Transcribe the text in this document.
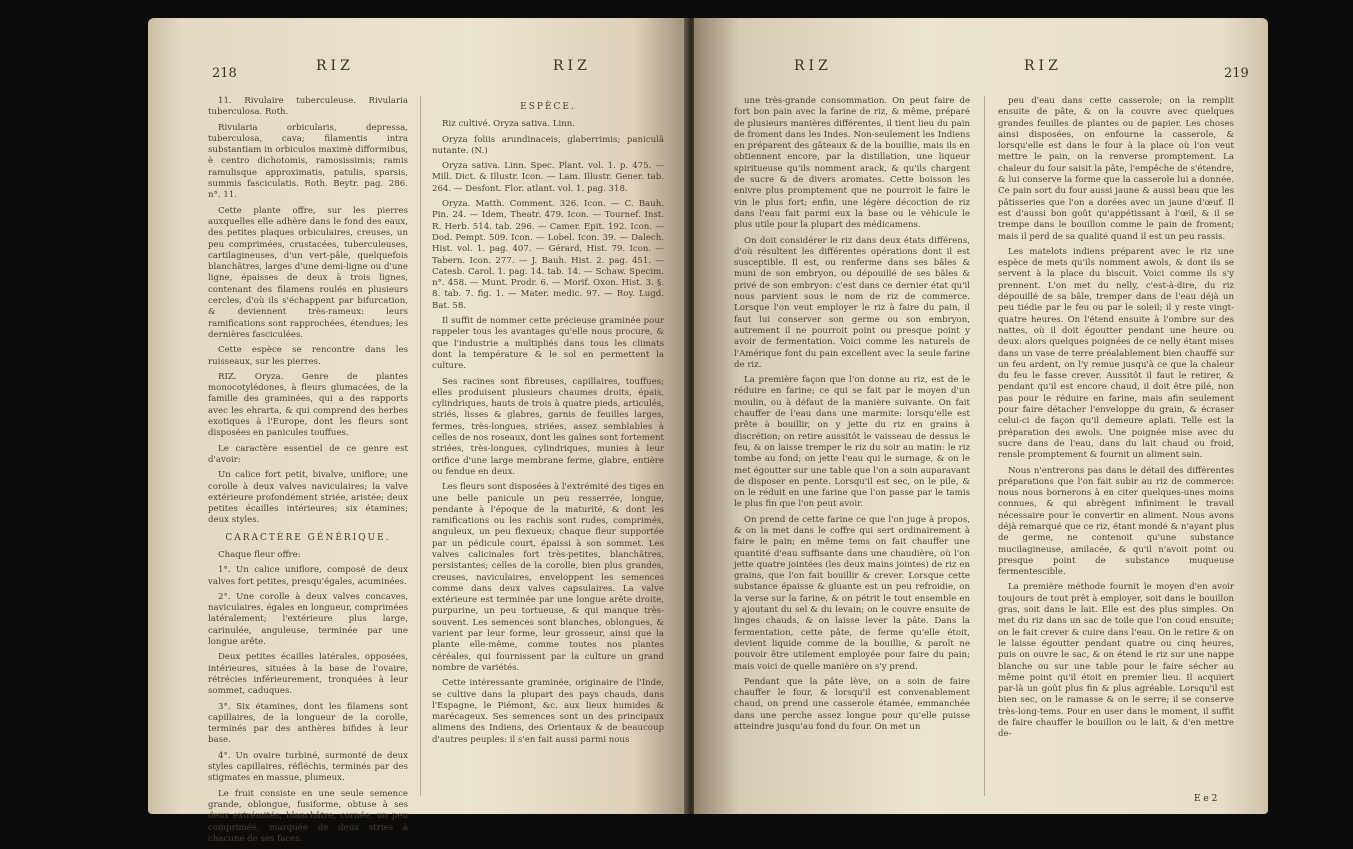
218	RIZ	RIZ

11. Rivulaire tuberculeuse. Rivularia tuberculosa. Roth.

Rivularia orbicularis, depressa, tuberculosa, cava; filamentis intra substantiam in orbiculos maximè difformibus, è centro dichotomis, ramosissimis; ramis ramulisque approximatis, patulis, sparsis, summis fasciculatis. Roth. Beytr. pag. 286. n°. 11.

Cette plante offre, sur les pierres auxquelles elle adhère dans le fond des eaux, des petites plaques orbiculaires, creuses, un peu comprimées, crustacées, tuberculeuses, cartilagineuses, d'un vert-pâle, quelquefois blanchâtres, larges d'une demi-ligne ou d'une ligne, épaisses de deux à trois lignes, contenant des filamens roulés en plusieurs cercles, d'où ils s'échappent par bifurcation, & deviennent très-rameux: leurs ramifications sont rapprochées, étendues; les dernières fasciculées.

Cette espèce se rencontre dans les ruisseaux, sur les pierres.

RIZ. Oryza. Genre de plantes monocotylédones, à fleurs glumacées, de la famille des graminées, qui a des rapports avec les ehrarta, & qui comprend des herbes exotiques à l'Europe, dont les fleurs sont disposées en panicules touffues.

Le caractère essentiel de ce genre est d'avoir:

Un calice fort petit, bivalve, uniflore; une corolle à deux valves naviculaires; la valve extérieure profondément striée, aristée; deux petites écailles intérieures; six étamines; deux styles.

CARACTÈRE GÉNÉRIQUE.

Chaque fleur offre:

1°. Un calice uniflore, composé de deux valves fort petites, presqu'égales, acuminées.

2°. Une corolle à deux valves concaves, naviculaires, égales en longueur, comprimées latéralement; l'extérieure plus large, carinulée, anguleuse, terminée par une longue arête.

Deux petites écailles latérales, opposées, intérieures, situées à la base de l'ovaire, rétrécies inférieurement, tronquées à leur sommet, caduques.

3°. Six étamines, dont les filamens sont capillaires, de la longueur de la corolle, terminés par des anthères bifides à leur base.

4°. Un ovaire turbiné, surmonté de deux styles capillaires, réfléchis, terminés par des stigmates en massue, plumeux.

Le fruit consiste en une seule semence grande, oblongue, fusiforme, obtuse à ses deux extrémités, blanchâtre, cornée, un peu comprimée, marquée de deux stries à chacune de ses faces.

ESPÈCE.

Riz cultivé. Oryza sativa. Linn.

Oryza foliis arundinaceis, glaberrimis; paniculâ nutante. (N.)

Oryza sativa. Linn. Spec. Plant. vol. 1. p. 475. — Mill. Dict. & Illustr. Icon. — Lam. Illustr. Gener. tab. 264. — Desfont. Flor. atlant. vol. 1. pag. 318.

Oryza. Matth. Comment. 326. Icon. — C. Bauh. Pin. 24. — Idem, Theatr. 479. Icon. — Tournef. Inst. R. Herb. 514. tab. 296. — Camer. Epit. 192. Icon. — Dod. Pempt. 509. Icon. — Lobel. Icon. 39. — Dalech. Hist. vol. 1. pag. 407. — Gérard, Hist. 79. Icon. — Tabern. Icon. 277. — J. Bauh. Hist. 2. pag. 451. — Catesb. Carol. 1. pag. 14. tab. 14. — Schaw. Specim. n°. 458. — Munt. Prodr. 6. — Morif. Oxon. Hist. 3. §. 8. tab. 7. fig. 1. — Mater. medic. 97. — Roy. Lugd. Bat. 58.

Il suffit de nommer cette précieuse graminée pour rappeler tous les avantages qu'elle nous procure, & que l'industrie a multipliés dans tous les climats dont la température & le sol en permettent la culture.

Ses racines sont fibreuses, capillaires, touffues; elles produisent plusieurs chaumes droits, épais, cylindriques, hauts de trois à quatre pieds, articulés, striés, lisses & glabres, garnis de feuilles larges, fermes, très-longues, striées, assez semblables à celles de nos roseaux, dont les gaînes sont fortement striées, très-longues, cylindriques, munies à leur orifice d'une large membrane ferme, glabre, entière ou fendue en deux.

Les fleurs sont disposées à l'extrémité des tiges en une belle panicule un peu resserrée, longue, pendante à l'époque de la maturité, & dont les ramifications ou les rachis sont rudes, comprimés, anguleux, un peu flexueux; chaque fleur supportée par un pédicule court, épaissi à son sommet. Les valves calicinales fort très-petites, blanchâtres, persistantes; celles de la corolle, bien plus grandes, creuses, naviculaires, enveloppent les semences comme dans deux valves capsulaires. La valve extérieure est terminée par une longue arête droite, purpurine, un peu tortueuse, & qui manque très-souvent. Les semences sont blanches, oblongues, & varient par leur forme, leur grosseur, ainsi que la plante elle-même, comme toutes nos plantes céréales, qui fournissent par la culture un grand nombre de variétés.

Cette intéressante graminée, originaire de l'Inde, se cultive dans la plupart des pays chauds, dans l'Espagne, le Piémont, &c. aux lieux humides & marécageux. Ses semences sont un des principaux alimens des Indiens, des Orientaux & de beaucoup d'autres peuples: il s'en fait aussi parmi nous

RIZ	RIZ	219

une très-grande consommation. On peut faire de fort bon pain avec la farine de riz, & même, préparé de plusieurs manières différentes, il tient lieu du pain de froment dans les Indes. Non-seulement les Indiens en préparent des gâteaux & de la bouillie, mais ils en obtiennent encore, par la distillation, une liqueur spiritueuse qu'ils nomment arack, & qu'ils chargent de sucre & de divers aromates. Cette boisson les enivre plus promptement que ne pourroit le faire le vin le plus fort; enfin, une légère décoction de riz dans l'eau fait parmi eux la base ou le véhicule le plus utile pour la plupart des médicamens.

On doit considérer le riz dans deux états différens, d'où résultent les différentes opérations dont il est susceptible. Il est, ou renferme dans ses bâles & muni de son embryon, ou dépouillé de ses bâles & privé de son embryon: c'est dans ce dernier état qu'il nous parvient sous le nom de riz de commerce. Lorsque l'on veut employer le riz à faire du pain, il faut lui conserver son germe ou son embryon, autrement il ne pourroit point ou presque point y avoir de fermentation. Voici comme les naturels de l'Amérique font du pain excellent avec la seule farine de riz.

La première façon que l'on donne au riz, est de le réduire en farine; ce qui se fait par le moyen d'un moulin, ou à défaut de la manière suivante. On fait chauffer de l'eau dans une marmite: lorsqu'elle est prête à bouillir, on y jette du riz en grains à discrétion; on retire aussitôt le vaisseau de dessus le feu, & on laisse tremper le riz du soir au matin: le riz tombe au fond; on jette l'eau qui le surnage, & on le met égoutter sur une table que l'on a soin auparavant de disposer en pente. Lorsqu'il est sec, on le pile, & on le réduit en une farine que l'on passe par le tamis le plus fin que l'on peut avoir.

On prend de cette farine ce que l'on juge à propos, & on la met dans le coffre qui sert ordinairement à faire le pain; en même tems on fait chauffer une quantité d'eau suffisante dans une chaudière, où l'on jette quatre jointées (les deux mains jointes) de riz en grains, que l'on fait bouillir & crever. Lorsque cette substance épaisse & gluante est un peu refroidie, on la verse sur la farine, & on pétrit le tout ensemble en y ajoutant du sel & du levain; on le couvre ensuite de linges chauds, & on laisse lever la pâte. Dans la fermentation, cette pâte, de ferme qu'elle étoit, devient liquide comme de la bouillie, & paroît ne pouvoir être utilement employée pour faire du pain; mais voici de quelle manière on s'y prend.

Pendant que la pâte lève, on a soin de faire chauffer le four, & lorsqu'il est convenablement chaud, on prend une casserole étamée, emmanchée dans une perche assez longue pour qu'elle puisse atteindre jusqu'au fond du four. On met un

peu d'eau dans cette casserole; on la remplit ensuite de pâte, & on la couvre avec quelques grandes feuilles de plantes ou de papier. Les choses ainsi disposées, on enfourne la casserole, & lorsqu'elle est dans le four à la place où l'on veut mettre le pain, on la renverse promptement. La chaleur du four saisit la pâte, l'empêche de s'étendre, & lui conserve la forme que la casserole lui a donnée. Ce pain sort du four aussi jaune & aussi beau que les pâtisseries que l'on a dorées avec un jaune d'œuf. Il est d'aussi bon goût qu'appétissant à l'œil, & il se trempe dans le bouillon comme le pain de froment; mais il perd de sa qualité quand il est un peu rassis.

Les matelots indiens préparent avec le riz une espèce de mets qu'ils nomment awols, & dont ils se servent à la place du biscuit. Voici comme ils s'y prennent. L'on met du nelly, c'est-à-dire, du riz dépouillé de sa bâle, tremper dans de l'eau déjà un peu tiédie par le feu ou par le soleil; il y reste vingt-quatre heures. On l'étend ensuite à l'ombre sur des nattes, où il doit égoutter pendant une heure ou deux: alors quelques poignées de ce nelly étant mises dans un vase de terre préalablement bien chauffé sur un feu ardent, on l'y remue jusqu'à ce que la chaleur du feu le fasse crever. Aussitôt il faut le retirer, & pendant qu'il est encore chaud, il doit être pilé, non pas pour le réduire en farine, mais afin seulement pour faire détacher l'enveloppe du grain, & écraser celui-ci de façon qu'il demeure aplati. Telle est la préparation des awols. Une poignée mise avec du sucre dans de l'eau, dans du lait chaud ou froid, rensle promptement & fournit un aliment sain.

Nous n'entrerons pas dans le détail des différentes préparations que l'on fait subir au riz de commerce: nous nous bornerons à en citer quelques-unes moins connues, & qui abrègent infiniment le travail nécessaire pour le convertir en aliment. Nous avons déjà remarqué que ce riz, étant mondé & n'ayant plus de germe, ne contenoit qu'une substance mucilagineuse, amilacée, & qu'il n'avoit point ou presque point de substance muqueuse fermentescible.

La première méthode fournit le moyen d'en avoir toujours de tout prêt à employer, soit dans le bouillon gras, soit dans le lait. Elle est des plus simples. On met du riz dans un sac de toile que l'on coud ensuite; on le fait crever & cuire dans l'eau. On le retire & on le laisse égoutter pendant quatre ou cinq heures, puis on ouvre le sac, & on étend le riz sur une nappe blanche ou sur une table pour le faire sécher au même point qu'il étoit en premier lieu. Il acquiert par-là un goût plus fin & plus agréable. Lorsqu'il est bien sec, on le ramasse & on le serre; il se conserve très-long-tems. Pour en user dans le moment, il suffit de faire chauffer le bouillon ou le lait, & d'en mettre de-

E e 2
